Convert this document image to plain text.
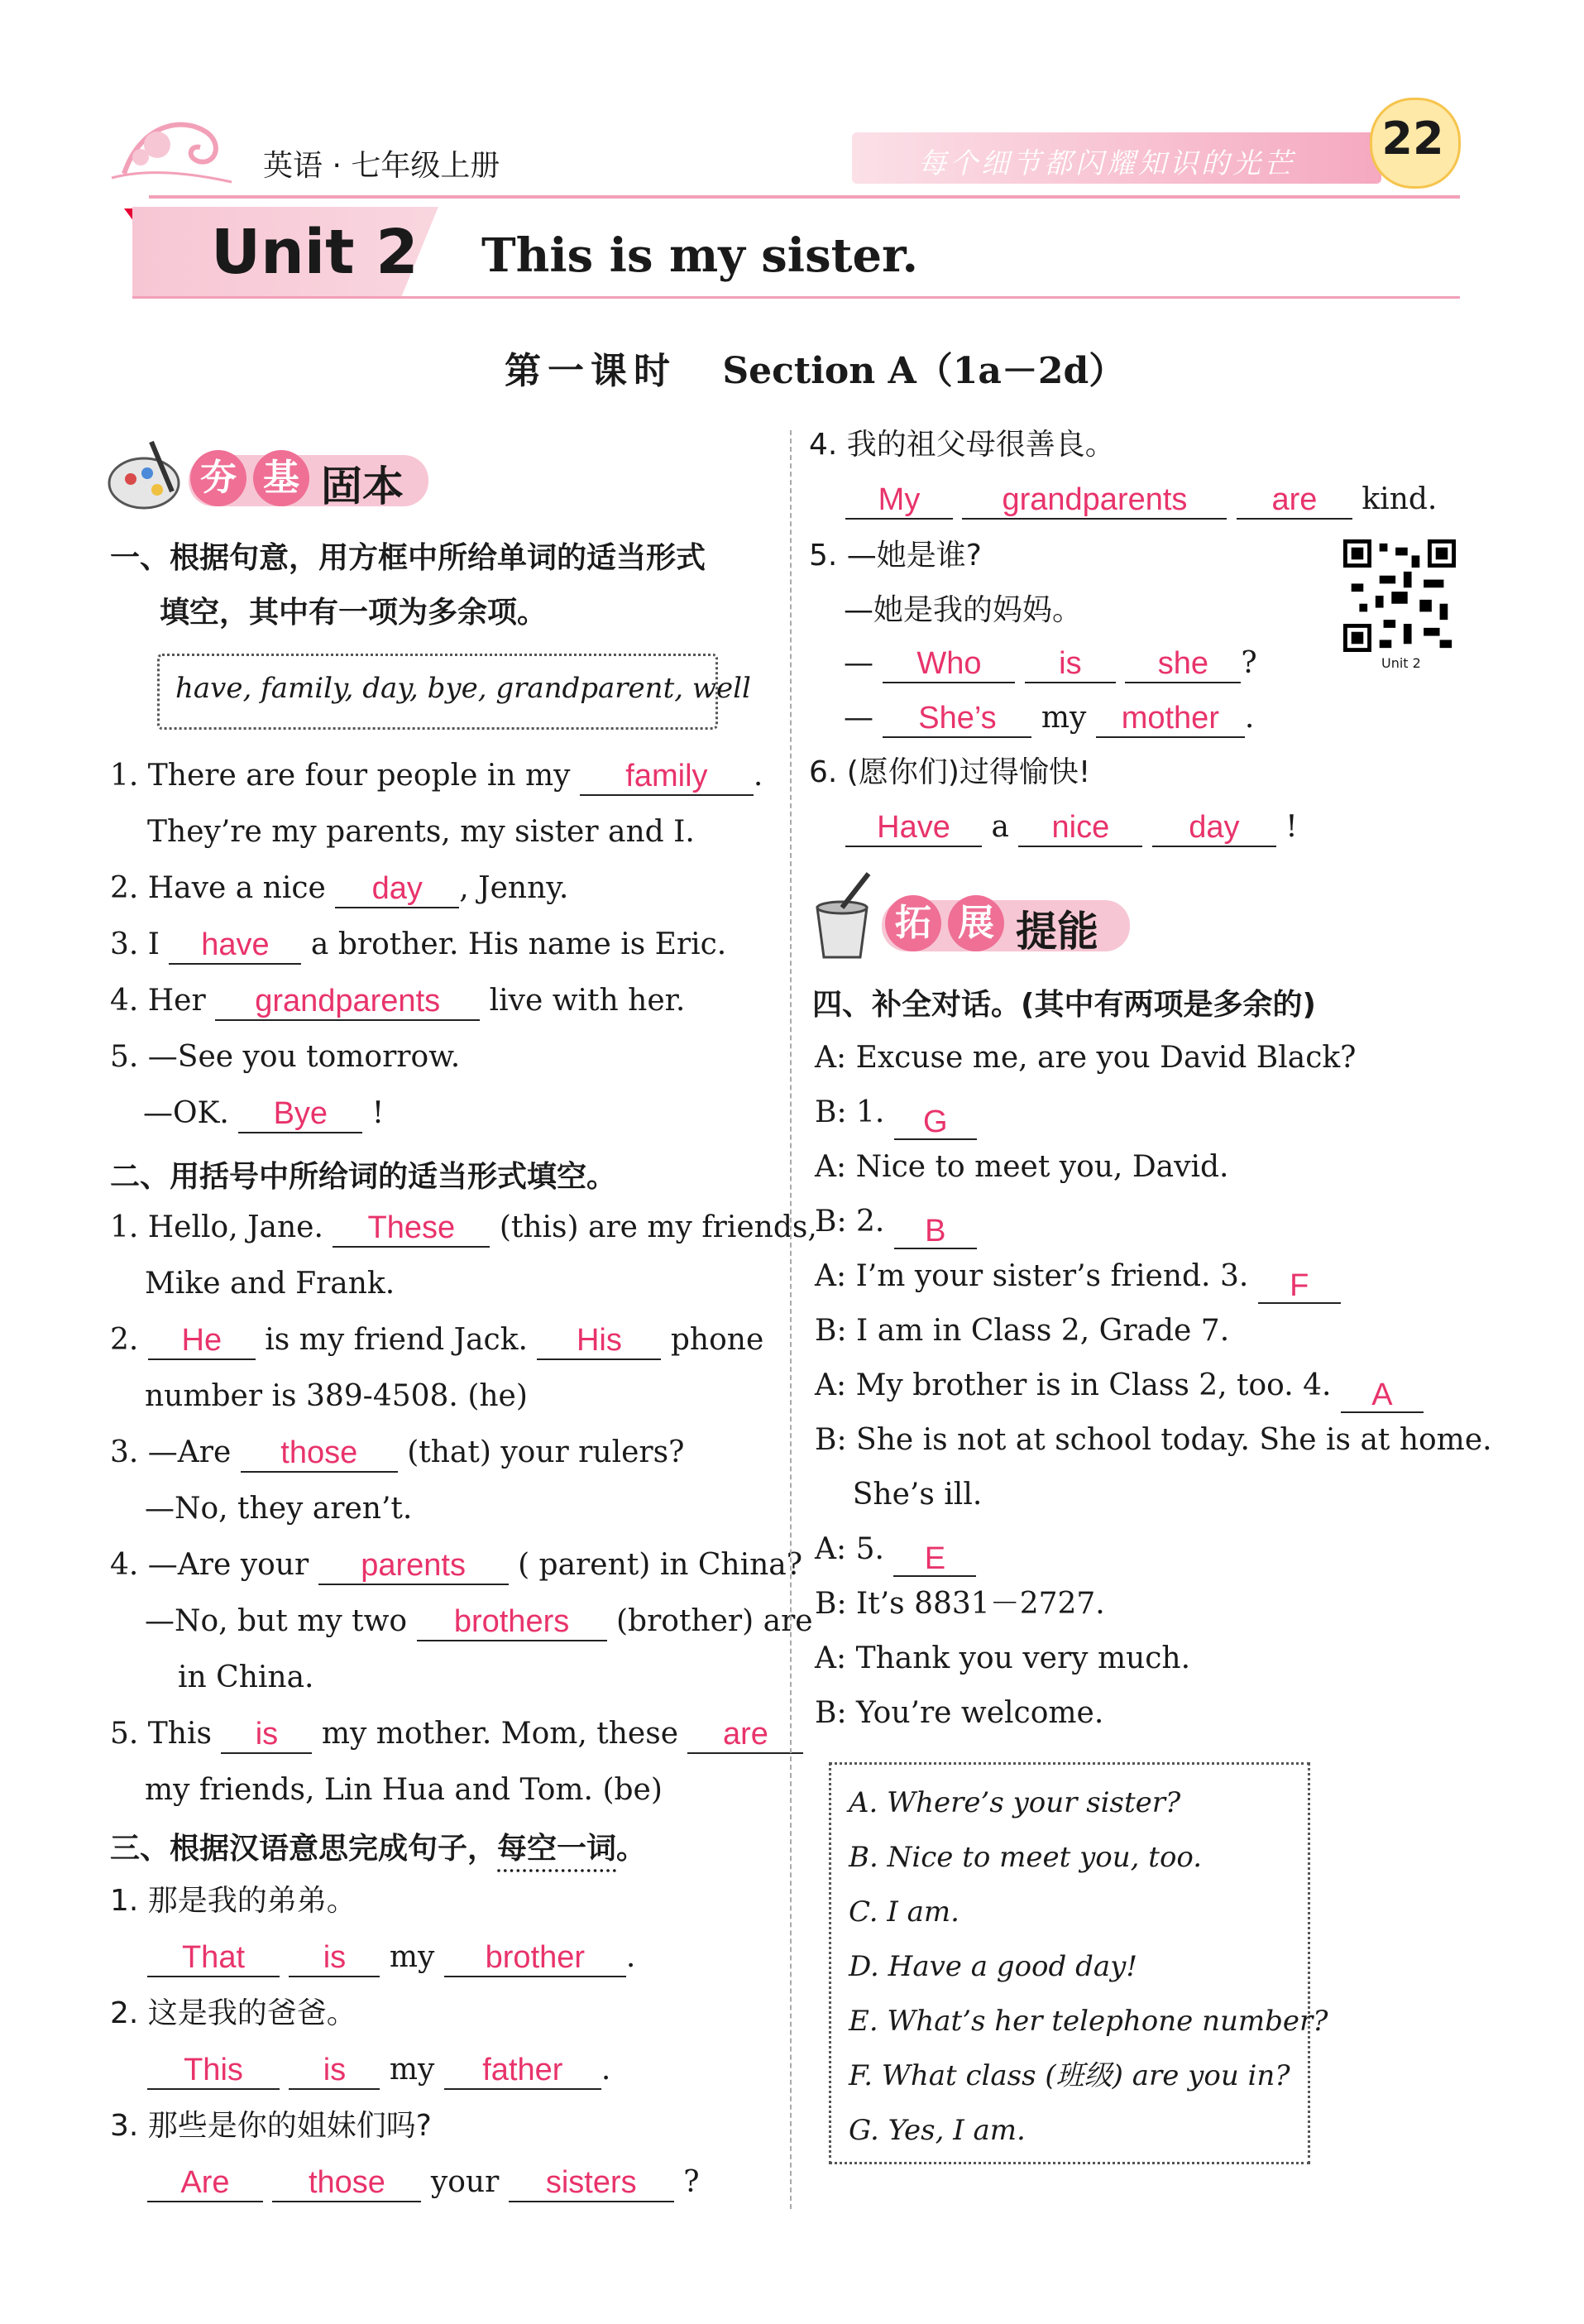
英语 · 七年级上册	每个细节都闪耀知识的光芒 22
Unit 2 This is my sister.
第一课时 Section A（1a－2d）
夯 基 固本
一、根据句意，用方框中所给单词的适当形式
填空，其中有一项为多余项。
have, family, day, bye, grandparent, well
1. There are four people in my family .
They’re my parents, my sister and I.
2. Have a nice day , Jenny.
3. I have a brother. His name is Eric.
4. Her grandparents live with her.
5. —See you tomorrow.
—OK. Bye !
二、用括号中所给词的适当形式填空。
1. Hello, Jane. These (this) are my friends,
Mike and Frank.
2. He is my friend Jack. His phone
number is 389-4508. (he)
3. —Are those (that) your rulers?
—No, they aren’t.
4. —Are your parents ( parent) in China?
—No, but my two brothers (brother) are
in China.
5. This is my mother. Mom, these are
my friends, Lin Hua and Tom. (be)
三、根据汉语意思完成句子，每空一词。
1. 那是我的弟弟。
That is my brother .
2. 这是我的爸爸。
This	is my father .
3. 那些是你的姐妹们吗?
Are	those your sisters ?
4. 我的祖父母很善良。
My	grandparents	are kind.
5. —她是谁?
—她是我的妈妈。
— Who is she ?
— She’s my mother .
Unit 2
6. (愿你们)过得愉快!
Have a nice	day !
拓 展 提能
四、补全对话。(其中有两项是多余的)
A: Excuse me, are you David Black?
B: 1. G
A: Nice to meet you, David.
B: 2. B
A: I’m your sister’s friend. 3. F
B: I am in Class 2, Grade 7.
A: My brother is in Class 2, too. 4. A
B: She is not at school today. She is at home.
She’s ill.
A: 5. E
B: It’s 8831－2727.
A: Thank you very much.
B: You’re welcome.
A. Where’s your sister?
B. Nice to meet you, too.
C. I am.
D. Have a good day!
E. What’s her telephone number?
F. What class (班级) are you in?
G. Yes, I am.
